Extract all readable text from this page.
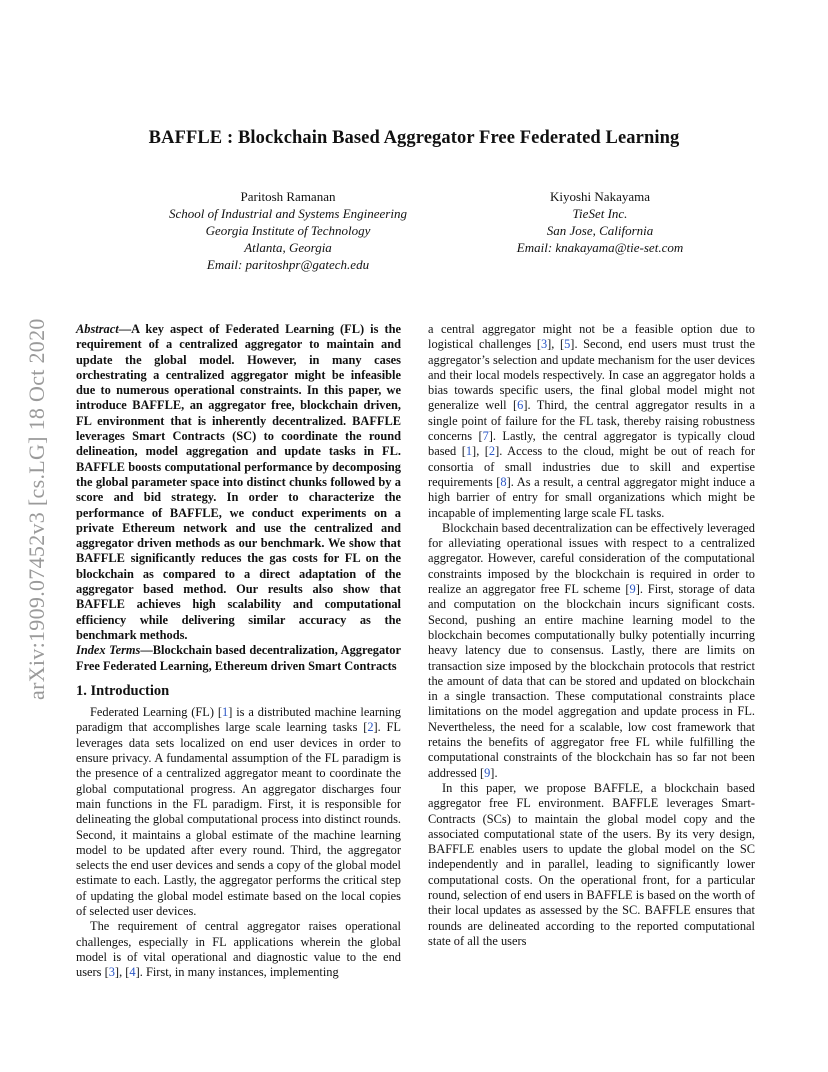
arXiv:1909.07452v3 [cs.LG] 18 Oct 2020
BAFFLE : Blockchain Based Aggregator Free Federated Learning
Paritosh Ramanan
School of Industrial and Systems Engineering
Georgia Institute of Technology
Atlanta, Georgia
Email: paritoshpr@gatech.edu
Kiyoshi Nakayama
TieSet Inc.
San Jose, California
Email: knakayama@tie-set.com

Abstract—A key aspect of Federated Learning (FL) is the requirement of a centralized aggregator to maintain and update the global model. However, in many cases orchestrating a centralized aggregator might be infeasible due to numerous operational constraints. In this paper, we introduce BAFFLE, an aggregator free, blockchain driven, FL environment that is inherently decentralized. BAFFLE leverages Smart Contracts (SC) to coordinate the round delineation, model aggregation and update tasks in FL. BAFFLE boosts computational performance by decomposing the global parameter space into distinct chunks followed by a score and bid strategy. In order to characterize the performance of BAFFLE, we conduct experiments on a private Ethereum network and use the centralized and aggregator driven methods as our benchmark. We show that BAFFLE significantly reduces the gas costs for FL on the blockchain as compared to a direct adaptation of the aggregator based method. Our results also show that BAFFLE achieves high scalability and computational efficiency while delivering similar accuracy as the benchmark methods.

Index Terms—Blockchain based decentralization, Aggregator Free Federated Learning, Ethereum driven Smart Contracts

1. Introduction

Federated Learning (FL) [ 1 ] is a distributed machine learning paradigm that accomplishes large scale learning tasks [ 2 ] . FL leverages data sets localized on end user devices in order to ensure privacy. A fundamental assumption of the FL paradigm is the presence of a centralized aggregator meant to coordinate the global computational progress. An aggregator discharges four main functions in the FL paradigm. First, it is responsible for delineating the global computational process into distinct rounds. Second, it maintains a global estimate of the machine learning model to be updated after every round. Third, the aggregator selects the end user devices and sends a copy of the global model estimate to each. Lastly, the aggregator performs the critical step of updating the global model estimate based on the local copies of selected user devices.

The requirement of central aggregator raises operational challenges, especially in FL applications wherein the global model is of vital operational and diagnostic value to the end users [ 3 ] , [ 4 ] . First, in many instances, implementing

a central aggregator might not be a feasible option due to logistical challenges [ 3 ] , [ 5 ] . Second, end users must trust the aggregator’s selection and update mechanism for the user devices and their local models respectively. In case an aggregator holds a bias towards specific users, the final global model might not generalize well [ 6 ] . Third, the central aggregator results in a single point of failure for the FL task, thereby raising robustness concerns [ 7 ] . Lastly, the central aggregator is typically cloud based [ 1 ] , [ 2 ] . Access to the cloud, might be out of reach for consortia of small industries due to skill and expertise requirements [ 8 ] . As a result, a central aggregator might induce a high barrier of entry for small organizations which might be incapable of implementing large scale FL tasks.

Blockchain based decentralization can be effectively leveraged for alleviating operational issues with respect to a centralized aggregator. However, careful consideration of the computational constraints imposed by the blockchain is required in order to realize an aggregator free FL scheme [ 9 ] . First, storage of data and computation on the blockchain incurs significant costs. Second, pushing an entire machine learning model to the blockchain becomes computationally bulky potentially incurring heavy latency due to consensus. Lastly, there are limits on transaction size imposed by the blockchain protocols that restrict the amount of data that can be stored and updated on blockchain in a single transaction. These computational constraints place limitations on the model aggregation and update process in FL. Nevertheless, the need for a scalable, low cost framework that retains the benefits of aggregator free FL while fulfilling the computational constraints of the blockchain has so far not been addressed [ 9 ] .

In this paper, we propose BAFFLE, a blockchain based aggregator free FL environment. BAFFLE leverages Smart-Contracts (SCs) to maintain the global model copy and the associated computational state of the users. By its very design, BAFFLE enables users to update the global model on the SC independently and in parallel, leading to significantly lower computational costs. On the operational front, for a particular round, selection of end users in BAFFLE is based on the worth of their local updates as assessed by the SC. BAFFLE ensures that rounds are delineated according to the reported computational state of all the users
